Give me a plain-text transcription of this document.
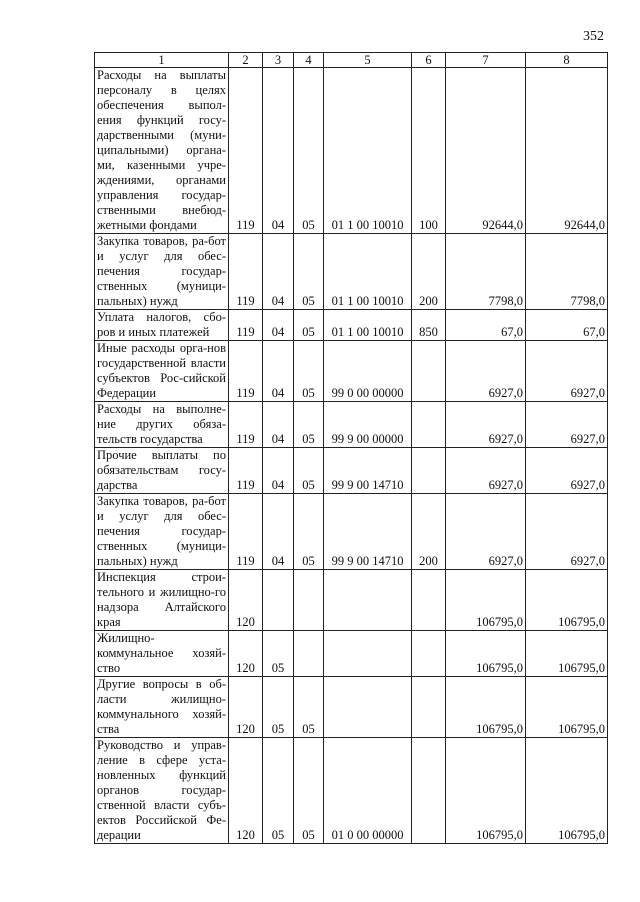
352
1	2	3	4	5	6	7	8
Расходы на выплаты персоналу в целях обеспечения выпол-ения функций госу-дарственными (муни-ципальными) органа-ми, казенными учре-ждениями, органами управления государ-ственными внебюд-жетными фондами	119	04	05	01 1 00 10010	100	92644,0	92644,0
Закупка товаров, ра-бот и услуг для обес-печения государ-ственных (муници-пальных) нужд	119	04	05	01 1 00 10010	200	7798,0	7798,0
Уплата налогов, сбо-ров и иных платежей	119	04	05	01 1 00 10010	850	67,0	67,0
Иные расходы орга-нов государственной власти субъектов Рос-сийской Федерации	119	04	05	99 0 00 00000		6927,0	6927,0
Расходы на выполне-ние других обяза-тельств государства	119	04	05	99 9 00 00000		6927,0	6927,0
Прочие выплаты по обязательствам госу-дарства	119	04	05	99 9 00 14710		6927,0	6927,0
Закупка товаров, ра-бот и услуг для обес-печения государ-ственных (муници-пальных) нужд	119	04	05	99 9 00 14710	200	6927,0	6927,0
Инспекция строи-тельного и жилищно-го надзора Алтайского края	120					106795,0	106795,0
Жилищно-коммунальное хозяй-ство	120	05				106795,0	106795,0
Другие вопросы в об-ласти жилищно-коммунального хозяй-ства	120	05	05			106795,0	106795,0
Руководство и управ-ление в сфере уста-новленных функций органов государ-ственной власти субъ-ектов Российской Фе-дерации	120	05	05	01 0 00 00000		106795,0	106795,0
